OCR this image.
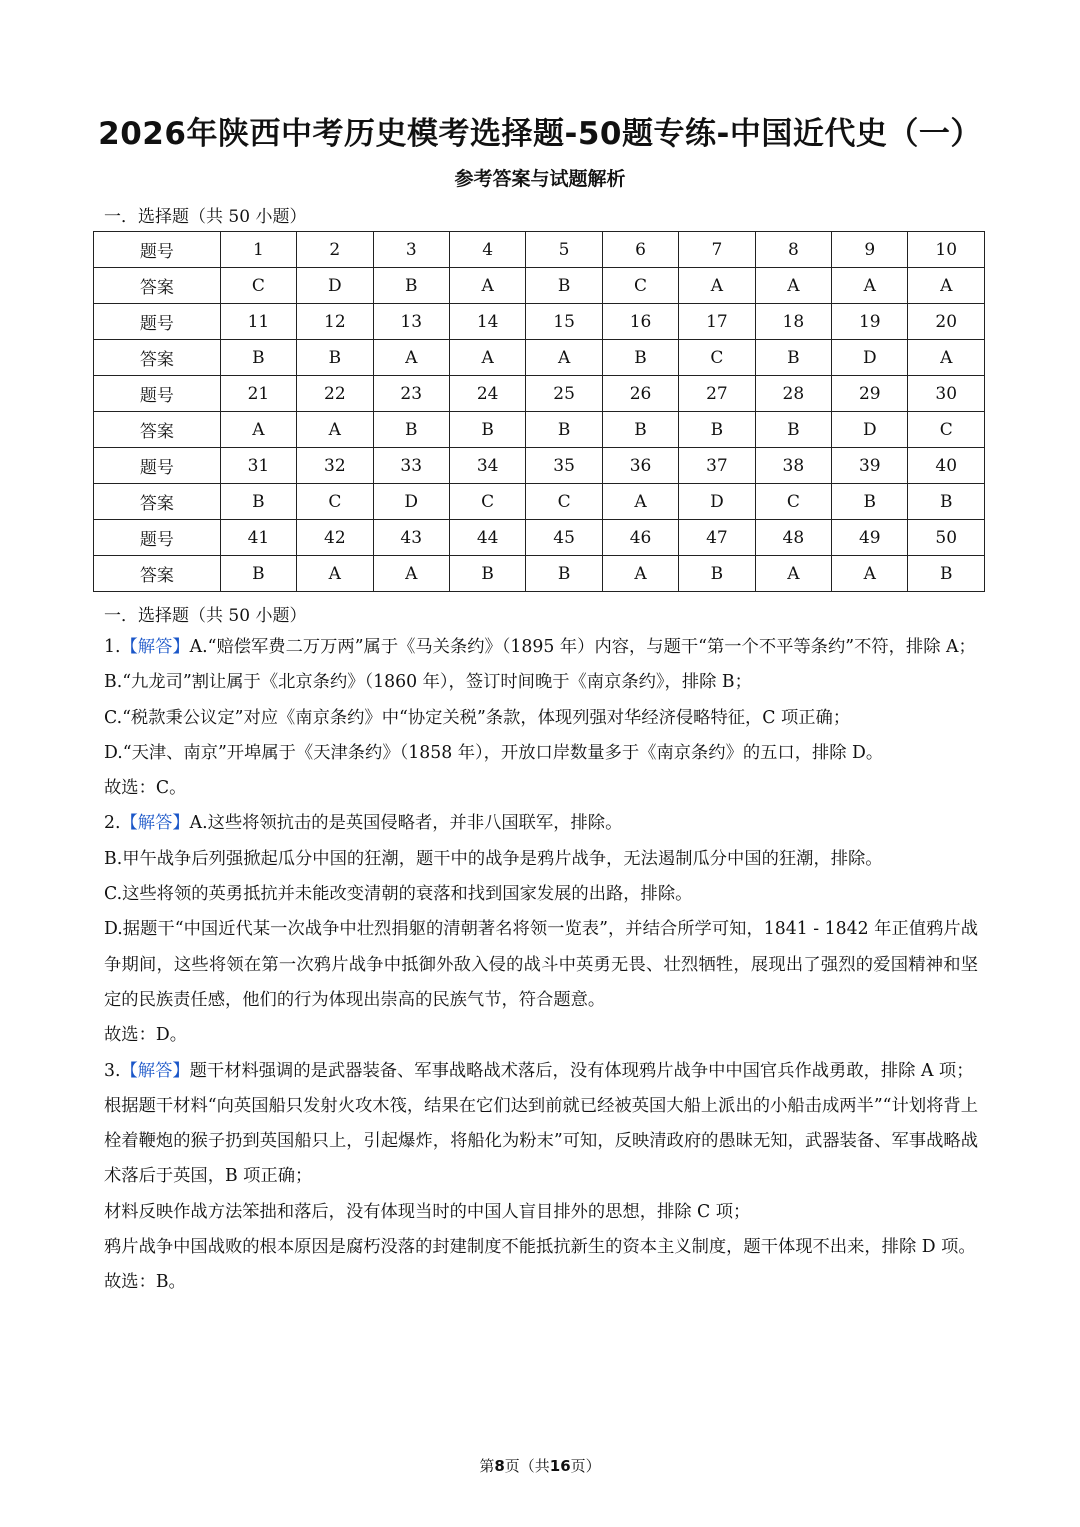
2026年陕西中考历史模考选择题-50题专练-中国近代史（一）
参考答案与试题解析
一．选择题（共 50 小题）
题号	1	2	3	4	5	6	7	8	9	10
答案	C	D	B	A	B	C	A	A	A	A
题号	11	12	13	14	15	16	17	18	19	20
答案	B	B	A	A	A	B	C	B	D	A
题号	21	22	23	24	25	26	27	28	29	30
答案	A	A	B	B	B	B	B	B	D	C
题号	31	32	33	34	35	36	37	38	39	40
答案	B	C	D	C	C	A	D	C	B	B
题号	41	42	43	44	45	46	47	48	49	50
答案	B	A	A	B	B	A	B	A	A	B
一．选择题（共 50 小题）

1.【解答】A.“赔偿军费二万万两”属于《马关条约》（1895 年）内容，与题干“第一个不平等条约”不符，排除 A；

B.“九龙司”割让属于《北京条约》（1860 年），签订时间晚于《南京条约》，排除 B；

C.“税款秉公议定”对应《南京条约》中“协定关税”条款，体现列强对华经济侵略特征，C 项正确；

D.“天津、南京”开埠属于《天津条约》（1858 年），开放口岸数量多于《南京条约》的五口，排除 D。

故选：C。

2.【解答】A.这些将领抗击的是英国侵略者，并非八国联军，排除。

B.甲午战争后列强掀起瓜分中国的狂潮，题干中的战争是鸦片战争，无法遏制瓜分中国的狂潮，排除。

C.这些将领的英勇抵抗并未能改变清朝的衰落和找到国家发展的出路，排除。

D.据题干“中国近代某一次战争中壮烈捐躯的清朝著名将领一览表”，并结合所学可知，1841 - 1842 年正值鸦片战争期间，这些将领在第一次鸦片战争中抵御外敌入侵的战斗中英勇无畏、壮烈牺牲，展现出了强烈的爱国精神和坚定的民族责任感，他们的行为体现出崇高的民族气节，符合题意。

故选：D。

3.【解答】题干材料强调的是武器装备、军事战略战术落后，没有体现鸦片战争中中国官兵作战勇敢，排除 A 项；

根据题干材料“向英国船只发射火攻木筏，结果在它们达到前就已经被英国大船上派出的小船击成两半”“计划将背上栓着鞭炮的猴子扔到英国船只上，引起爆炸，将船化为粉末”可知，反映清政府的愚昧无知，武器装备、军事战略战术落后于英国，B 项正确；

材料反映作战方法笨拙和落后，没有体现当时的中国人盲目排外的思想，排除 C 项；

鸦片战争中国战败的根本原因是腐朽没落的封建制度不能抵抗新生的资本主义制度，题干体现不出来，排除 D 项。

故选：B。

第8页（共16页）
